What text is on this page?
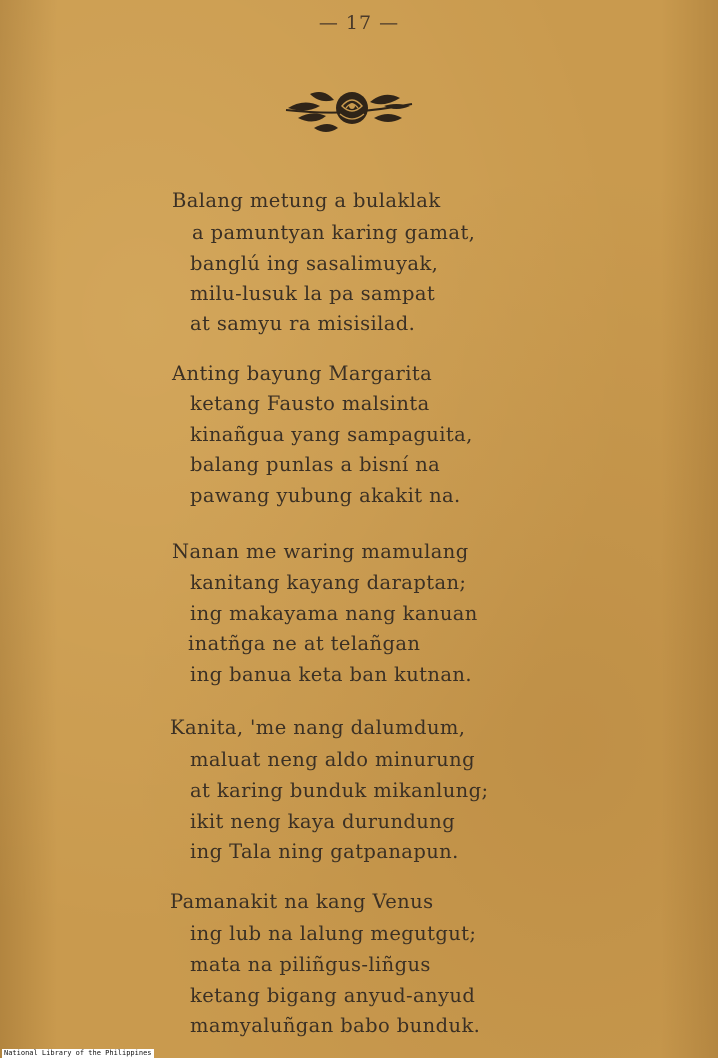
— 17 —
Balang metung a bulaklak
a pamuntyan karing gamat,
banglú ing sasalimuyak,
milu-lusuk la pa sampat
at samyu ra misisilad.
Anting bayung Margarita
ketang Fausto malsinta
kinañgua yang sampaguita,
balang punlas a bisní na
pawang yubung akakit na.
Nanan me waring mamulang
kanitang kayang daraptan;
ing makayama nang kanuan
inatñga ne at telañgan
ing banua keta ban kutnan.
Kanita, 'me nang dalumdum,
maluat neng aldo minurung
at karing bunduk mikanlung;
ikit neng kaya durundung
ing Tala ning gatpanapun.
Pamanakit na kang Venus
ing lub na lalung megutgut;
mata na piliñgus-liñgus
ketang bigang anyud-anyud
mamyaluñgan babo bunduk.
National Library of the Philippines
